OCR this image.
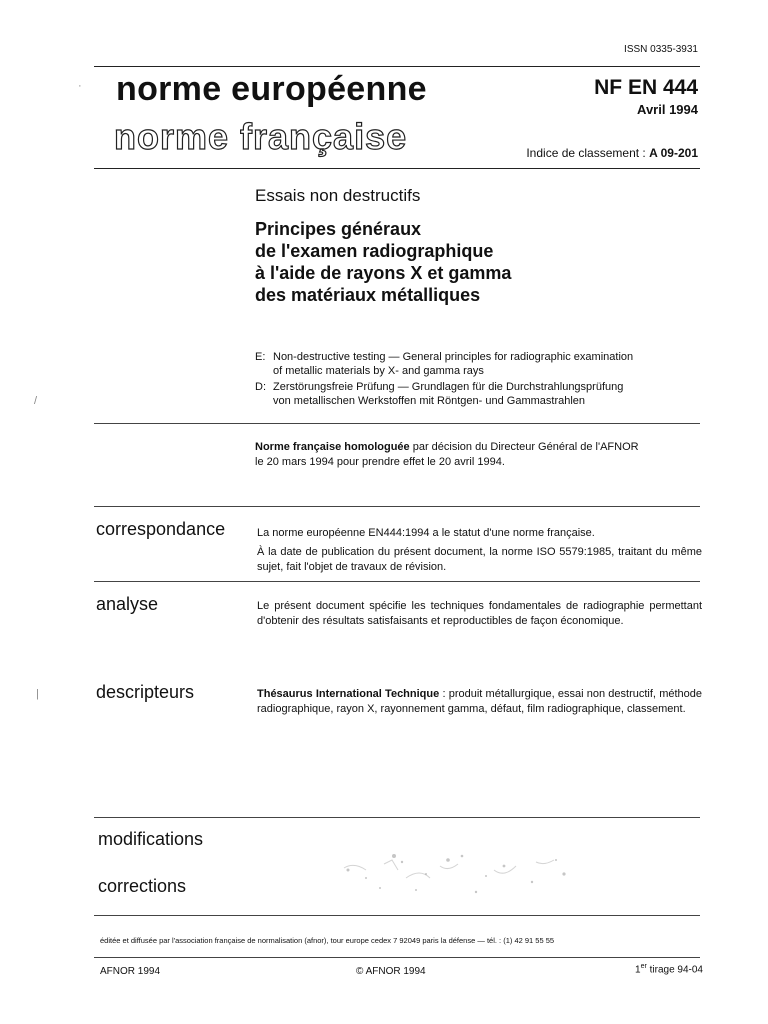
ISSN 0335-3931
norme européenne
norme française
NF EN 444
Avril 1994
Indice de classement : A 09-201
·
/
|
Essais non destructifs
Principes généraux
de l'examen radiographique
à l'aide de rayons X et gamma
des matériaux métalliques
E: Non-destructive testing — General principles for radiographic examination
of metallic materials by X- and gamma rays
D: Zerstörungsfreie Prüfung — Grundlagen für die Durchstrahlungsprüfung
von metallischen Werkstoffen mit Röntgen- und Gammastrahlen
Norme française homologuée par décision du Directeur Général de l'AFNOR
le 20 mars 1994 pour prendre effet le 20 avril 1994.
correspondance	La norme européenne EN444:1994 a le statut d'une norme française.
À la date de publication du présent document, la norme ISO 5579:1985, traitant du même sujet, fait l'objet de travaux de révision.
analyse	Le présent document spécifie les techniques fondamentales de radiographie permettant d'obtenir des résultats satisfaisants et reproductibles de façon économique.
descripteurs	Thésaurus International Technique : produit métallurgique, essai non destructif, méthode radiographique, rayon X, rayonnement gamma, défaut, film radiographique, classement.
modifications
corrections
éditée et diffusée par l'association française de normalisation (afnor), tour europe cedex 7 92049 paris la défense — tél. : (1) 42 91 55 55
AFNOR 1994	© AFNOR 1994	1er tirage 94-04
